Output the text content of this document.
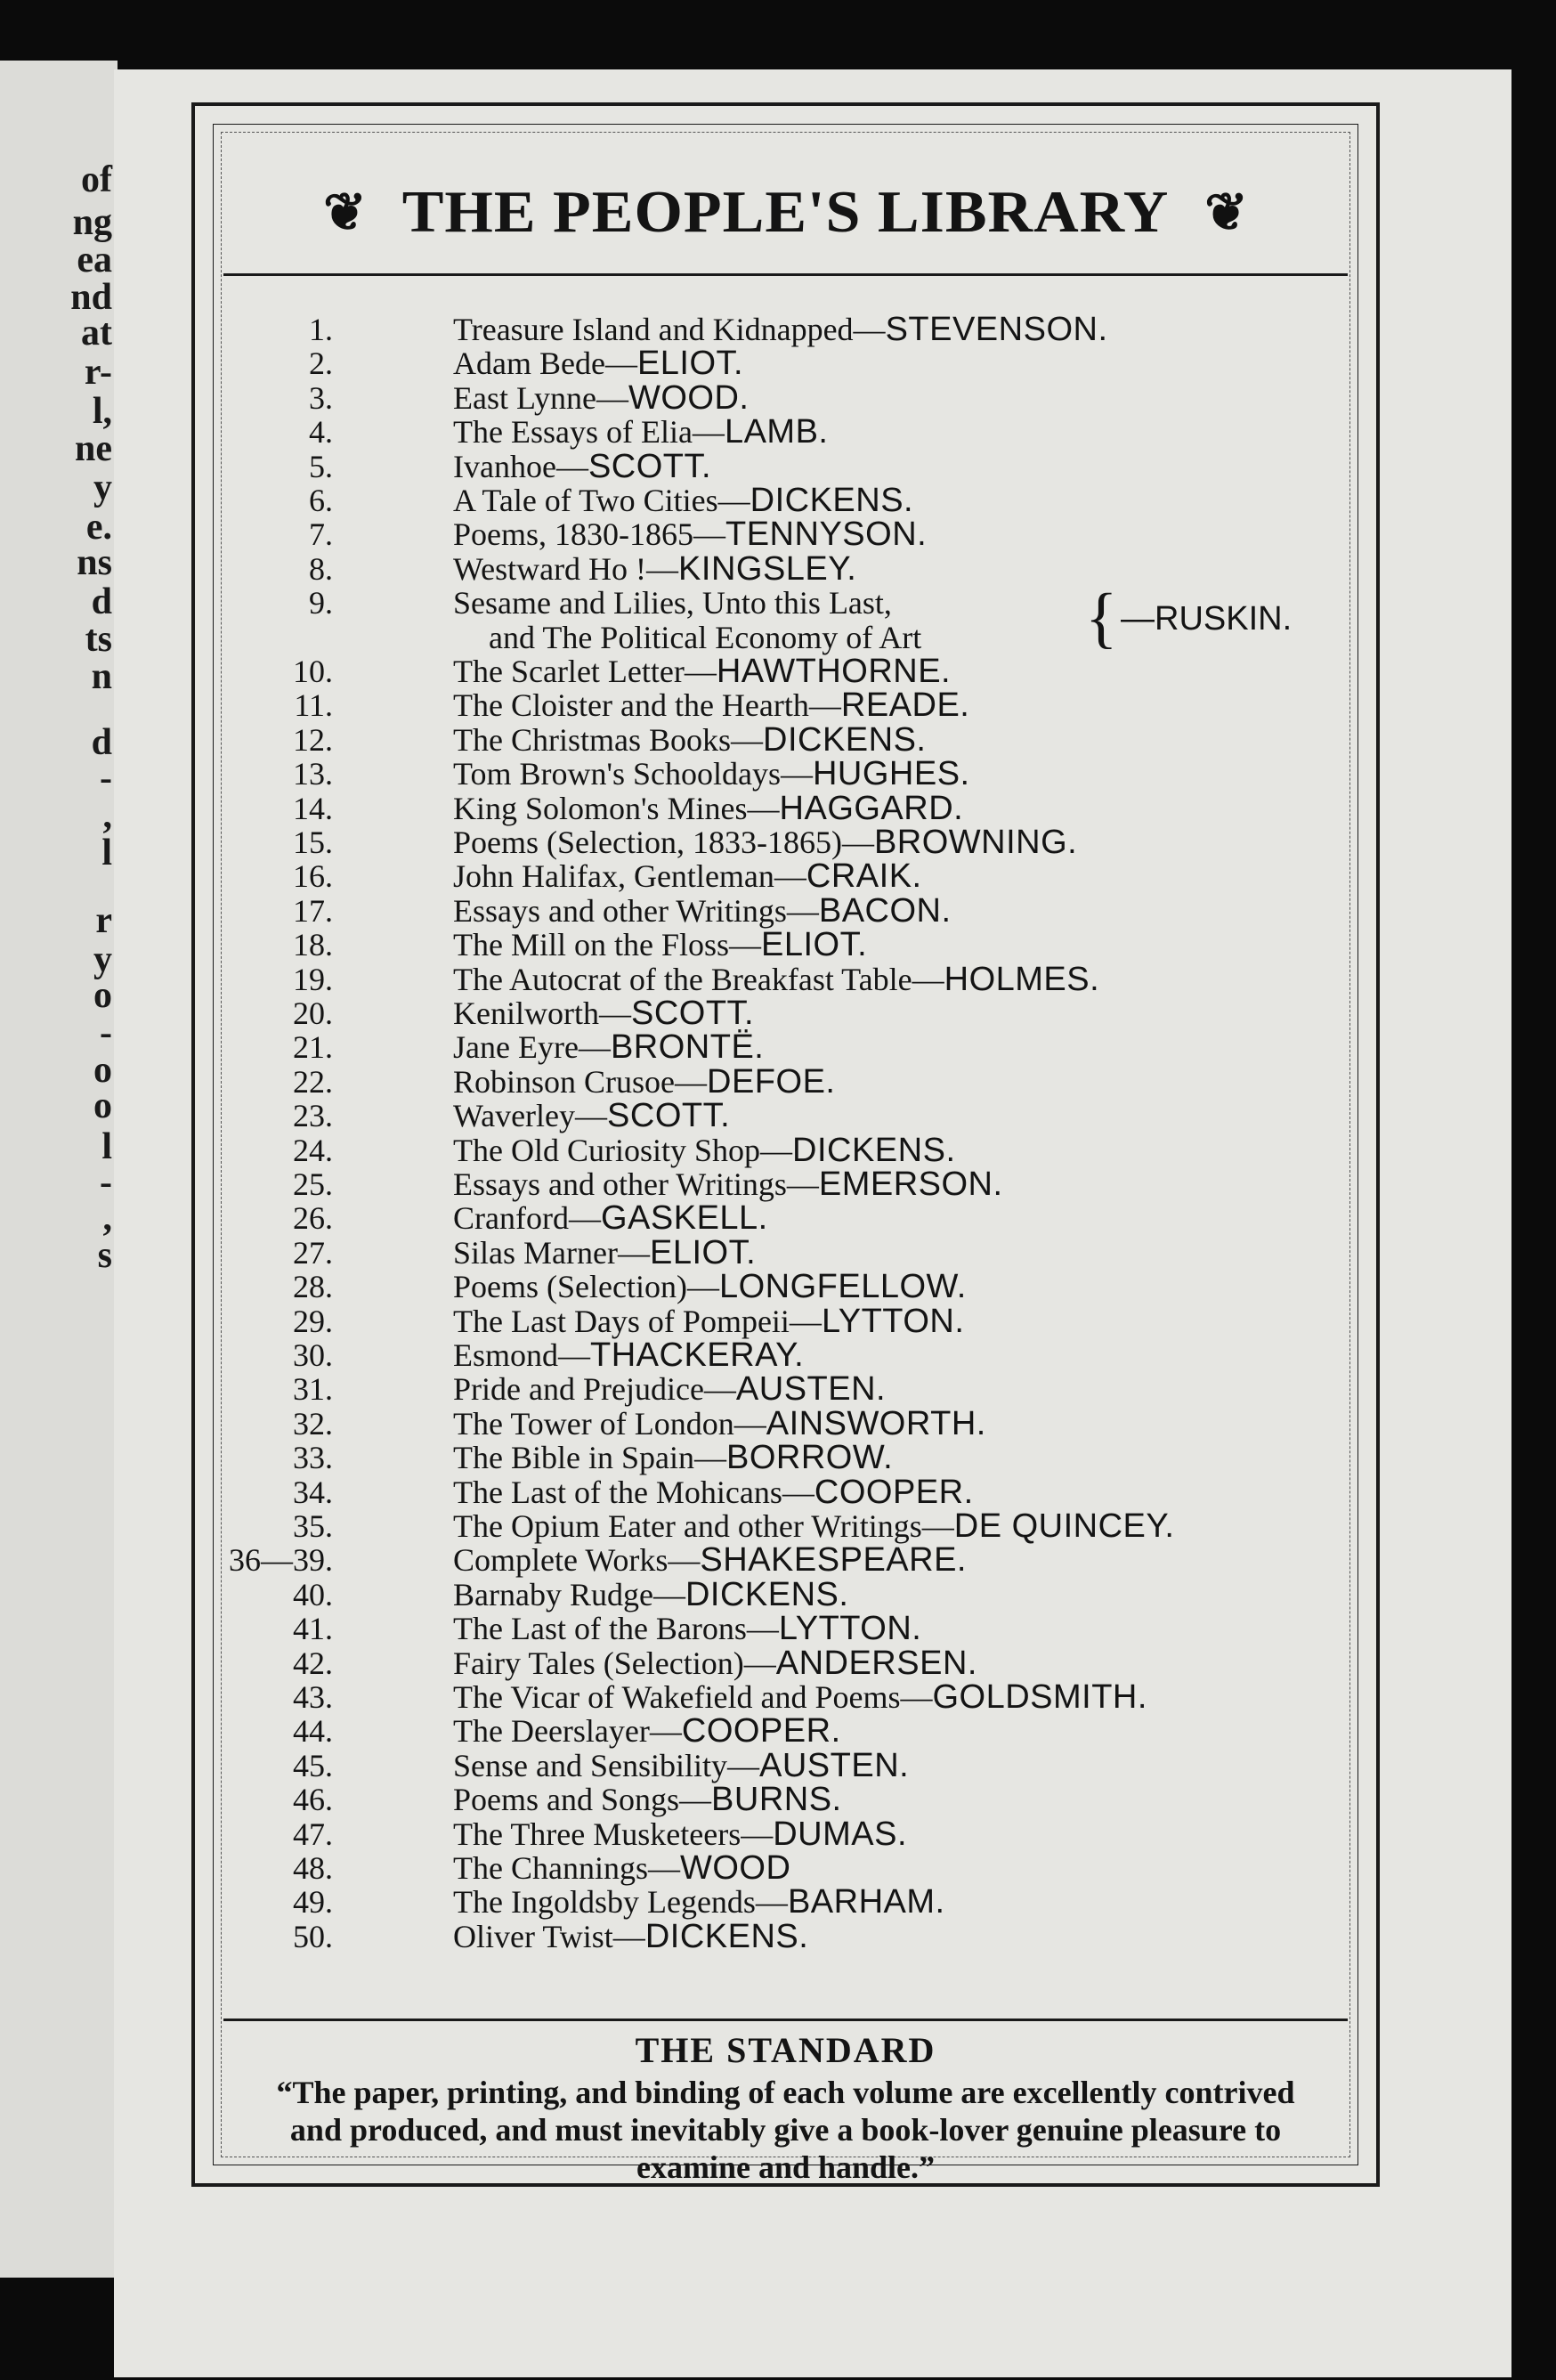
of
ng
ea
nd
at
r-
l,
ne
y
e.
ns
d
ts
n
d
-
,
l
r
y
o
-
o
o
l
-
,
s
❦ THE PEOPLE'S LIBRARY ❦
1.	Treasure Island and Kidnapped—STEVENSON.
2.	Adam Bede—ELIOT.
3.	East Lynne—WOOD.
4.	The Essays of Elia—LAMB.
5.	Ivanhoe—SCOTT.
6.	A Tale of Two Cities—DICKENS.
7.	Poems, 1830-1865—TENNYSON.
8.	Westward Ho !—KINGSLEY.
9.	Sesame and Lilies, Unto this Last,	{ —RUSKIN.
and The Political Economy of Art
10.	The Scarlet Letter—HAWTHORNE.
11.	The Cloister and the Hearth—READE.
12.	The Christmas Books—DICKENS.
13.	Tom Brown's Schooldays—HUGHES.
14.	King Solomon's Mines—HAGGARD.
15.	Poems (Selection, 1833-1865)—BROWNING.
16.	John Halifax, Gentleman—CRAIK.
17.	Essays and other Writings—BACON.
18.	The Mill on the Floss—ELIOT.
19.	The Autocrat of the Breakfast Table—HOLMES.
20.	Kenilworth—SCOTT.
21.	Jane Eyre—BRONTË.
22.	Robinson Crusoe—DEFOE.
23.	Waverley—SCOTT.
24.	The Old Curiosity Shop—DICKENS.
25.	Essays and other Writings—EMERSON.
26.	Cranford—GASKELL.
27.	Silas Marner—ELIOT.
28.	Poems (Selection)—LONGFELLOW.
29.	The Last Days of Pompeii—LYTTON.
30.	Esmond—THACKERAY.
31.	Pride and Prejudice—AUSTEN.
32.	The Tower of London—AINSWORTH.
33.	The Bible in Spain—BORROW.
34.	The Last of the Mohicans—COOPER.
35.	The Opium Eater and other Writings—DE QUINCEY.
36—39.	Complete Works—SHAKESPEARE.
40.	Barnaby Rudge—DICKENS.
41.	The Last of the Barons—LYTTON.
42.	Fairy Tales (Selection)—ANDERSEN.
43.	The Vicar of Wakefield and Poems—GOLDSMITH.
44.	The Deerslayer—COOPER.
45.	Sense and Sensibility—AUSTEN.
46.	Poems and Songs—BURNS.
47.	The Three Musketeers—DUMAS.
48.	The Channings—WOOD
49.	The Ingoldsby Legends—BARHAM.
50.	Oliver Twist—DICKENS.
THE STANDARD
“The paper, printing, and binding of each volume are excellently contrived and produced, and must inevitably give a book-lover genuine pleasure to examine and handle.”
